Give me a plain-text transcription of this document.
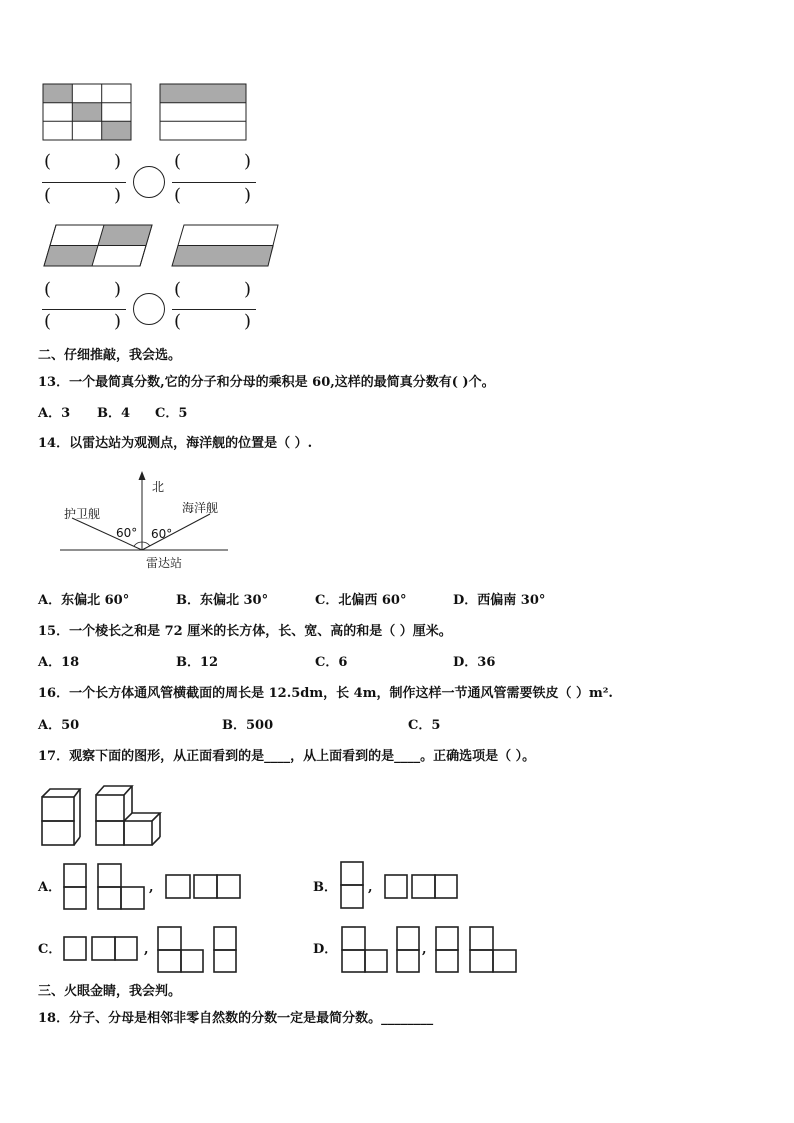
(	)
(	)
(	)
(	)
(	)
(	)
(	)
(	)
二、仔细推敲，我会选。
13．一个最简真分数,它的分子和分母的乘积是 60,这样的最简真分数有( )个。
A．3 B．4 C．5
14．以雷达站为观测点，海洋舰的位置是（ ）.
北
护卫舰	海洋舰
60° 60°
雷达站
A．东偏北 60°	B．东偏北 30°	C．北偏西 60°	D．西偏南 30°
15．一个棱长之和是 72 厘米的长方体，长、宽、高的和是（ ）厘米。
A．18	B．12	C．6	D．36
16．一个长方体通风管横截面的周长是 12.5dm，长 4m，制作这样一节通风管需要铁皮（ ）m².
A．50	B．500	C．5
17．观察下面的图形，从正面看到的是____，从上面看到的是____。正确选项是（ ）。
A．	,	B． ,
C．	,	D．	,
三、火眼金睛，我会判。
18．分子、分母是相邻非零自然数的分数一定是最简分数。________
